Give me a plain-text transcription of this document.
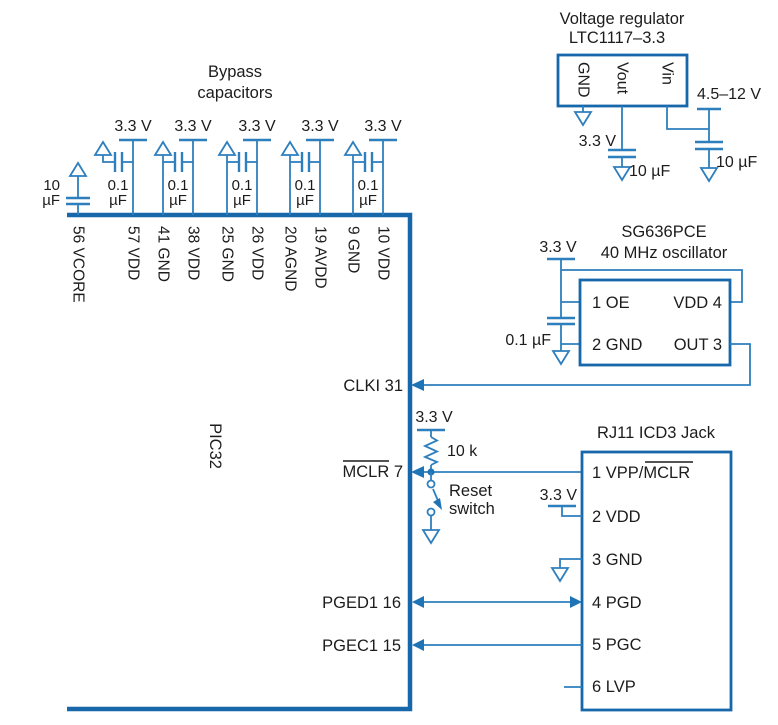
PIC32
56 VCORE 57 VDD 41 GND 38 VDD 25 GND 26 VDD 20 AGND 19 AVDD 9 GND 10 VDD
CLKI 31
MCLR 7
PGED1 16
PGEC1 15
Bypass
capacitors
10
µF
3.3 V
0.1
µF
3.3 V
0.1
µF
3.3 V
0.1
µF
3.3 V
0.1
µF
3.3 V
0.1
µF
Voltage regulator
LTC1117–3.3
GND Vout Vin
3.3 V
10 µF
4.5–12 V
10 µF
SG636PCE
40 MHz oscillator
3.3 V
0.1 µF
1 OE	VDD 4
2 GND OUT 3
3.3 V
10 k
Reset
switch
RJ11 ICD3 Jack
1 VPP/MCLR
2 VDD
3 GND
4 PGD
5 PGC
6 LVP
3.3 V
